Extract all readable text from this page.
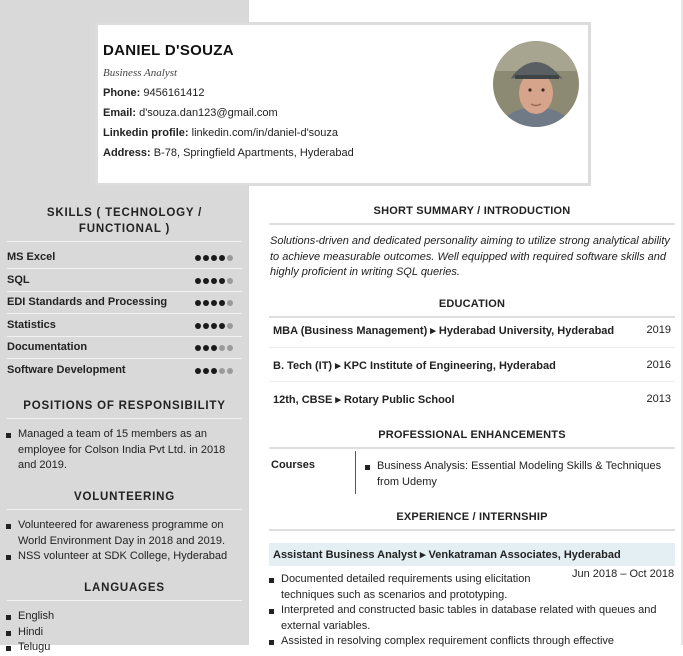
DANIEL D'SOUZA
Business Analyst
Phone: 9456161412
Email: d'souza.dan123@gmail.com
Linkedin profile: linkedin.com/in/daniel-d'souza
Address: B-78, Springfield Apartments, Hyderabad
SKILLS ( TECHNOLOGY /
FUNCTIONAL )
MS Excel
SQL
EDI Standards and Processing
Statistics
Documentation
Software Development
POSITIONS OF RESPONSIBILITY
Managed a team of 15 members as an employee for Colson India Pvt Ltd. in 2018 and 2019.
VOLUNTEERING
Volunteered for awareness programme on World Environment Day in 2018 and 2019.
NSS volunteer at SDK College, Hyderabad
LANGUAGES
English
Hindi
Telugu
SHORT SUMMARY / INTRODUCTION
Solutions-driven and dedicated personality aiming to utilize strong analytical ability to achieve measurable outcomes. Well equipped with required software skills and highly proficient in writing SQL queries.
EDUCATION
MBA (Business Management) ▸ Hyderabad University, Hyderabad	2019
B. Tech (IT) ▸ KPC Institute of Engineering, Hyderabad	2016
12th, CBSE ▸ Rotary Public School	2013
PROFESSIONAL ENHANCEMENTS
Courses	Business Analysis: Essential Modeling Skills & Techniques from Udemy
EXPERIENCE / INTERNSHIP
Assistant Business Analyst ▸ Venkatraman Associates, Hyderabad
Jun 2018 – Oct 2018
Documented detailed requirements using elicitation techniques such as scenarios and prototyping.
Interpreted and constructed basic tables in database related with queues and external variables.
Assisted in resolving complex requirement conflicts through effective
